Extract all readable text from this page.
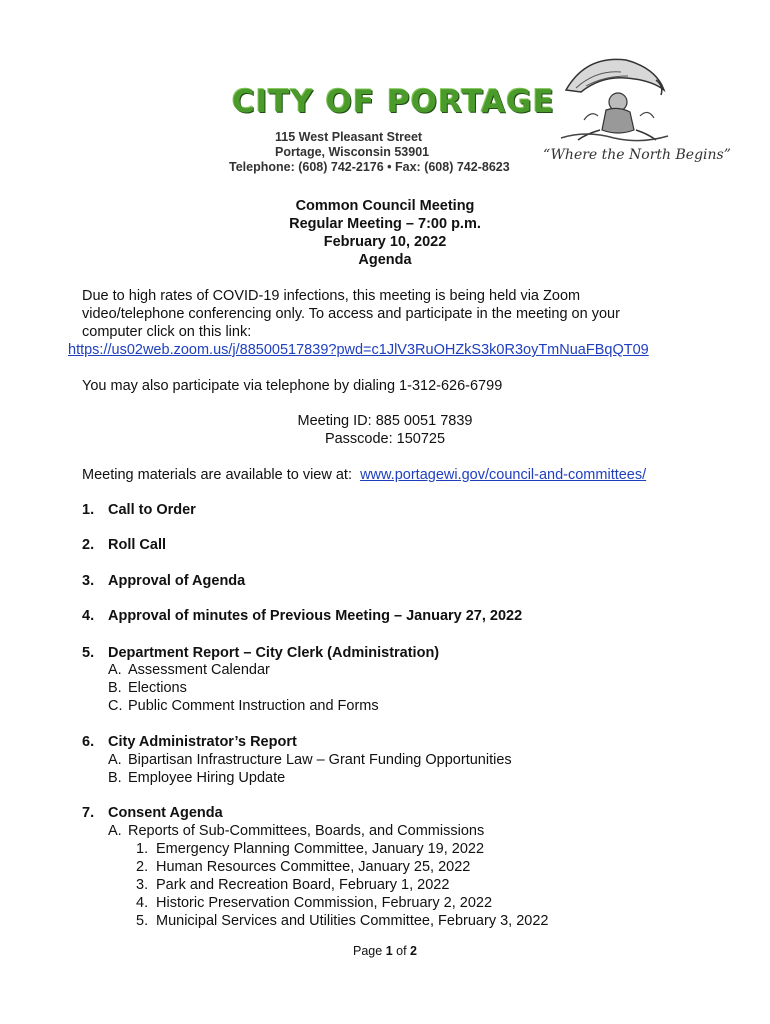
CITY OF PORTAGE
115 West Pleasant Street
Portage, Wisconsin 53901
Telephone: (608) 742-2176 • Fax: (608) 742-8623
“Where the North Begins”
Common Council Meeting
Regular Meeting – 7:00 p.m.
February 10, 2022
Agenda
Due to high rates of COVID-19 infections, this meeting is being held via Zoom
video/telephone conferencing only. To access and participate in the meeting on your
computer click on this link:
https://us02web.zoom.us/j/88500517839?pwd=c1JlV3RuOHZkS3k0R3oyTmNuaFBqQT09
You may also participate via telephone by dialing 1-312-626-6799
Meeting ID: 885 0051 7839
Passcode: 150725
Meeting materials are available to view at: www.portagewi.gov/council-and-committees/
1. Call to Order
2. Roll Call
3. Approval of Agenda
4. Approval of minutes of Previous Meeting – January 27, 2022
5. Department Report – City Clerk (Administration)
A. Assessment Calendar
B. Elections
C. Public Comment Instruction and Forms
6. City Administrator’s Report
A. Bipartisan Infrastructure Law – Grant Funding Opportunities
B. Employee Hiring Update
7. Consent Agenda
A. Reports of Sub-Committees, Boards, and Commissions
1. Emergency Planning Committee, January 19, 2022
2. Human Resources Committee, January 25, 2022
3. Park and Recreation Board, February 1, 2022
4. Historic Preservation Commission, February 2, 2022
5. Municipal Services and Utilities Committee, February 3, 2022
Page 1 of 2
